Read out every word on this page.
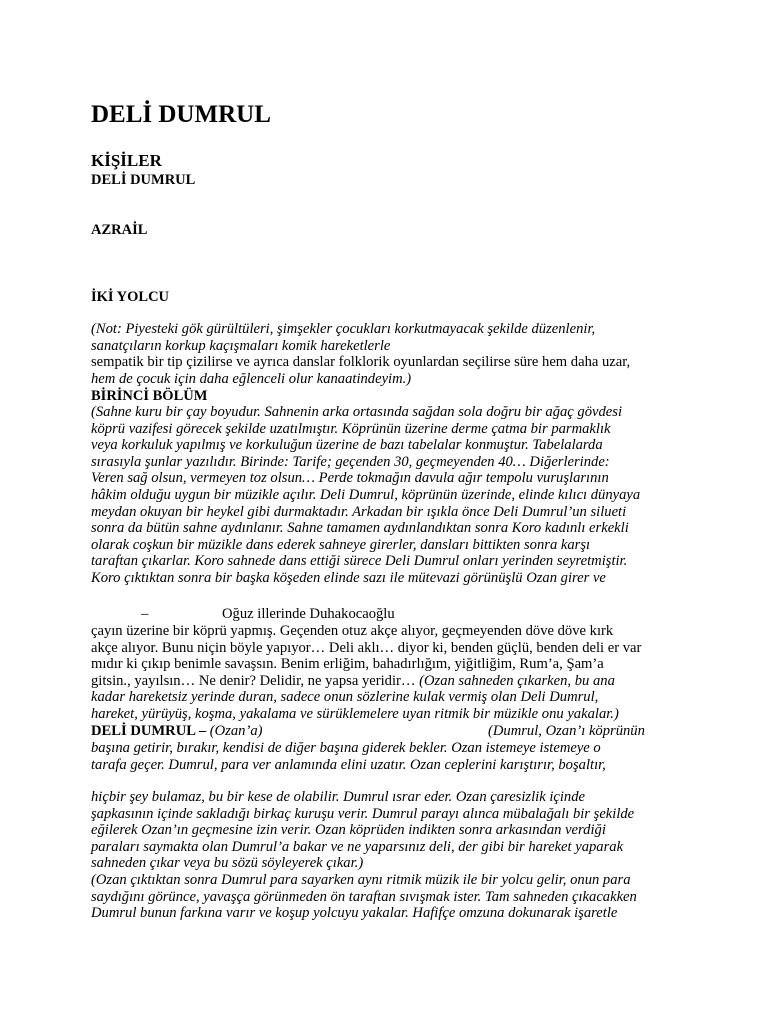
DELİ DUMRUL
KİŞİLER
DELİ DUMRUL
AZRAİL
İKİ YOLCU
(Not: Piyesteki gök gürültüleri, şimşekler çocukları korkutmayacak şekilde düzenlenir,
sanatçıların korkup kaçışmaları komik hareketlerle
sempatik bir tip çizilirse ve ayrıca danslar folklorik oyunlardan seçilirse süre hem daha uzar,
hem de çocuk için daha eğlenceli olur kanaatindeyim.)
BİRİNCİ BÖLÜM
(Sahne kuru bir çay boyudur. Sahnenin arka ortasında sağdan sola doğru bir ağaç gövdesi
köprü vazifesi görecek şekilde uzatılmıştır. Köprünün üzerine derme çatma bir parmaklık
veya korkuluk yapılmış ve korkuluğun üzerine de bazı tabelalar konmuştur. Tabelalarda
sırasıyla şunlar yazılıdır. Birinde: Tarife; geçenden 30, geçmeyenden 40… Diğerlerinde:
Veren sağ olsun, vermeyen toz olsun… Perde tokmağın davula ağır tempolu vuruşlarının
hâkim olduğu uygun bir müzikle açılır. Deli Dumrul, köprünün üzerinde, elinde kılıcı dünyaya
meydan okuyan bir heykel gibi durmaktadır. Arkadan bir ışıkla önce Deli Dumrul’un silueti
sonra da bütün sahne aydınlanır. Sahne tamamen aydınlandıktan sonra Koro kadınlı erkekli
olarak coşkun bir müzikle dans ederek sahneye girerler, dansları bittikten sonra karşı
taraftan çıkarlar. Koro sahnede dans ettiği sürece Deli Dumrul onları yerinden seyretmiştir.
Koro çıktıktan sonra bir başka köşeden elinde sazı ile mütevazi görünüşlü Ozan girer ve
–	Oğuz illerinde Duhakocaoğlu
çayın üzerine bir köprü yapmış. Geçenden otuz akçe alıyor, geçmeyenden döve döve kırk
akçe alıyor. Bunu niçin böyle yapıyor… Deli aklı… diyor ki, benden güçlü, benden deli er var
mıdır ki çıkıp benimle savaşsın. Benim erliğim, bahadırlığım, yiğitliğim, Rum’a, Şam’a
gitsin., yayılsın… Ne denir? Delidir, ne yapsa yeridir… (Ozan sahneden çıkarken, bu ana
kadar hareketsiz yerinde duran, sadece onun sözlerine kulak vermiş olan Deli Dumrul,
hareket, yürüyüş, koşma, yakalama ve sürüklemelere uyan ritmik bir müzikle onu yakalar.)
DELİ DUMRUL – (Ozan’a)	(Dumrul, Ozan’ı köprünün
başına getirir, bırakır, kendisi de diğer başına giderek bekler. Ozan istemeye istemeye o
tarafa geçer. Dumrul, para ver anlamında elini uzatır. Ozan ceplerini karıştırır, boşaltır,
hiçbir şey bulamaz, bu bir kese de olabilir. Dumrul ısrar eder. Ozan çaresizlik içinde
şapkasının içinde sakladığı birkaç kuruşu verir. Dumrul parayı alınca mübalağalı bir şekilde
eğilerek Ozan’ın geçmesine izin verir. Ozan köprüden indikten sonra arkasından verdiği
paraları saymakta olan Dumrul’a bakar ve ne yaparsınız deli, der gibi bir hareket yaparak
sahneden çıkar veya bu sözü söyleyerek çıkar.)
(Ozan çıktıktan sonra Dumrul para sayarken aynı ritmik müzik ile bir yolcu gelir, onun para
saydığını görünce, yavaşça görünmeden ön taraftan sıvışmak ister. Tam sahneden çıkacakken
Dumrul bunun farkına varır ve koşup yolcuyu yakalar. Hafifçe omzuna dokunarak işaretle
